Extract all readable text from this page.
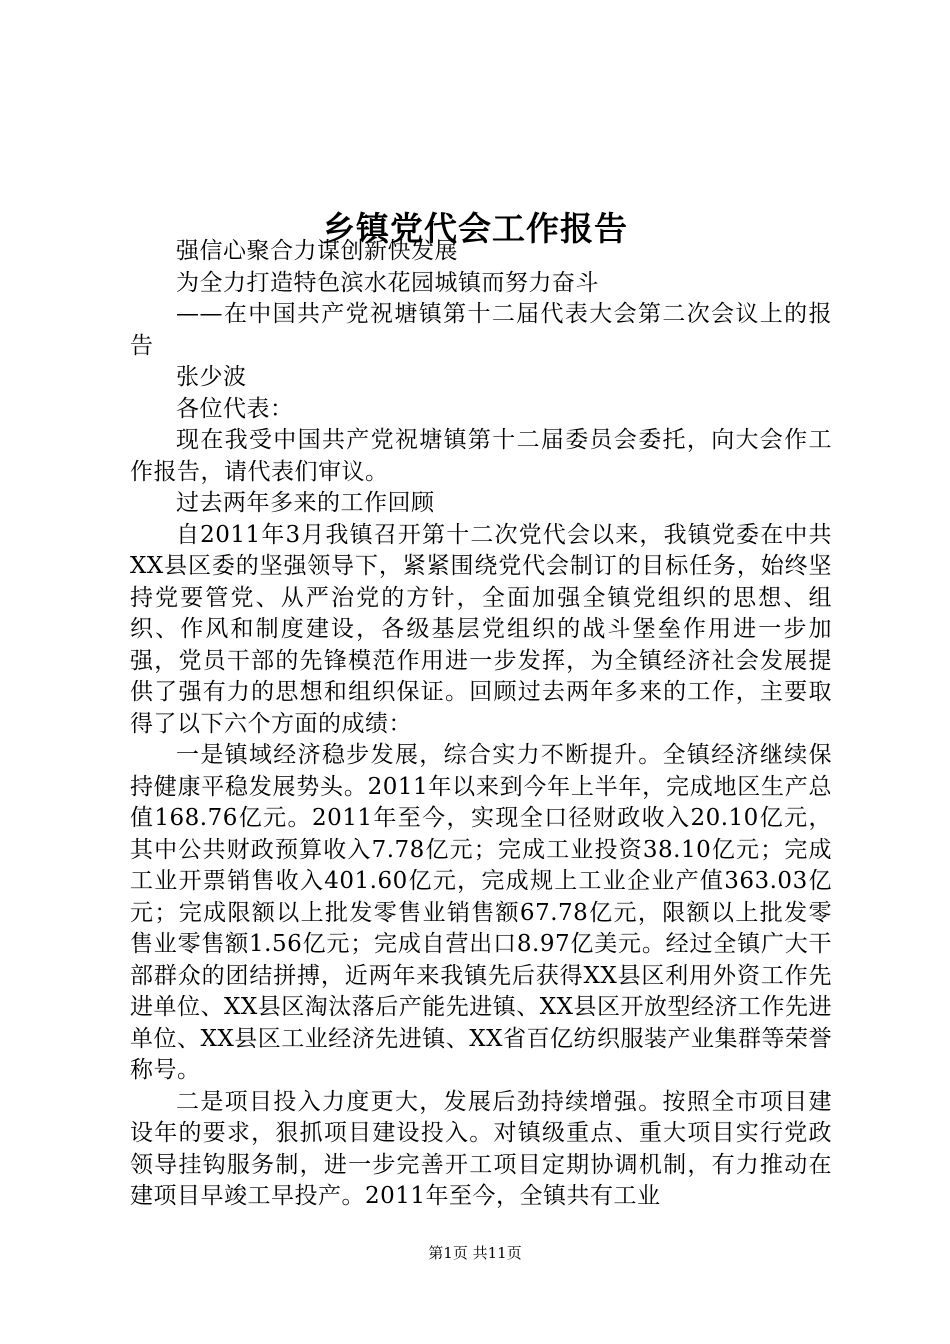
乡镇党代会工作报告

强信心聚合力谋创新快发展

为全力打造特色滨水花园城镇而努力奋斗

——在中国共产党祝塘镇第十二届代表大会第二次会议上的报告

张少波

各位代表：

现在我受中国共产党祝塘镇第十二届委员会委托，向大会作工作报告，请代表们审议。

过去两年多来的工作回顾

自2011年3月我镇召开第十二次党代会以来，我镇党委在中共XX县区委的坚强领导下，紧紧围绕党代会制订的目标任务，始终坚持党要管党、从严治党的方针，全面加强全镇党组织的思想、组织、作风和制度建设，各级基层党组织的战斗堡垒作用进一步加强，党员干部的先锋模范作用进一步发挥，为全镇经济社会发展提供了强有力的思想和组织保证。回顾过去两年多来的工作，主要取得了以下六个方面的成绩：

一是镇域经济稳步发展，综合实力不断提升。全镇经济继续保持健康平稳发展势头。2011年以来到今年上半年，完成地区生产总值168.76亿元。2011年至今，实现全口径财政收入20.10亿元，其中公共财政预算收入7.78亿元；完成工业投资38.10亿元；完成工业开票销售收入401.60亿元，完成规上工业企业产值363.03亿元；完成限额以上批发零售业销售额67.78亿元，限额以上批发零售业零售额1.56亿元；完成自营出口8.97亿美元。经过全镇广大干部群众的团结拼搏，近两年来我镇先后获得XX县区利用外资工作先进单位、XX县区淘汰落后产能先进镇、XX县区开放型经济工作先进单位、XX县区工业经济先进镇、XX省百亿纺织服装产业集群等荣誉称号。

二是项目投入力度更大，发展后劲持续增强。按照全市项目建设年的要求，狠抓项目建设投入。对镇级重点、重大项目实行党政领导挂钩服务制，进一步完善开工项目定期协调机制，有力推动在建项目早竣工早投产。2011年至今，全镇共有工业

第1页 共11页
